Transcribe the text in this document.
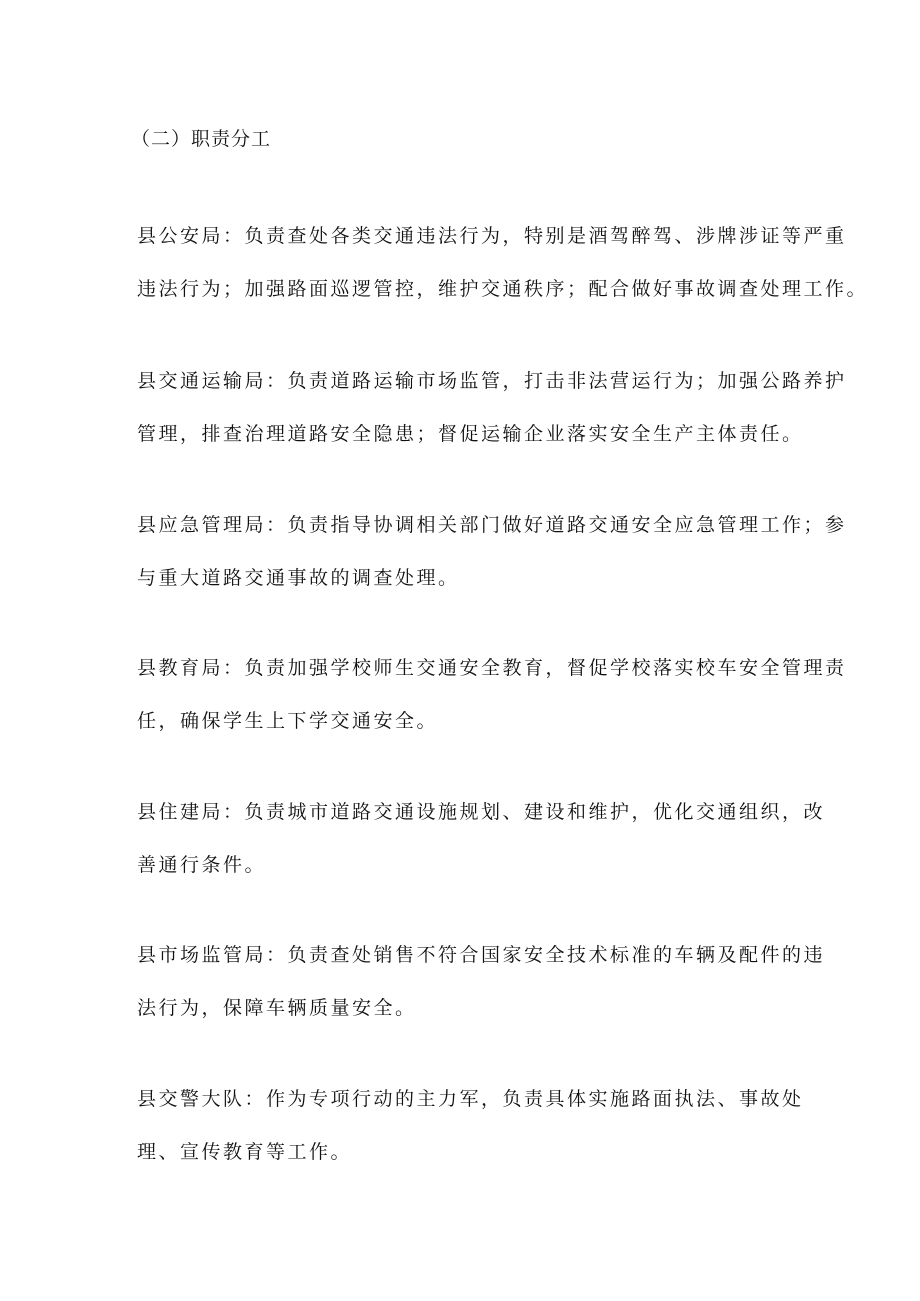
（二）职责分工

县公安局：负责查处各类交通违法行为，特别是酒驾醉驾、涉牌涉证等严重
违法行为；加强路面巡逻管控，维护交通秩序；配合做好事故调查处理工作。

县交通运输局：负责道路运输市场监管，打击非法营运行为；加强公路养护
管理，排查治理道路安全隐患；督促运输企业落实安全生产主体责任。

县应急管理局：负责指导协调相关部门做好道路交通安全应急管理工作；参
与重大道路交通事故的调查处理。

县教育局：负责加强学校师生交通安全教育，督促学校落实校车安全管理责
任，确保学生上下学交通安全。

县住建局：负责城市道路交通设施规划、建设和维护，优化交通组织，改
善通行条件。

县市场监管局：负责查处销售不符合国家安全技术标准的车辆及配件的违
法行为，保障车辆质量安全。

县交警大队：作为专项行动的主力军，负责具体实施路面执法、事故处
理、宣传教育等工作。
